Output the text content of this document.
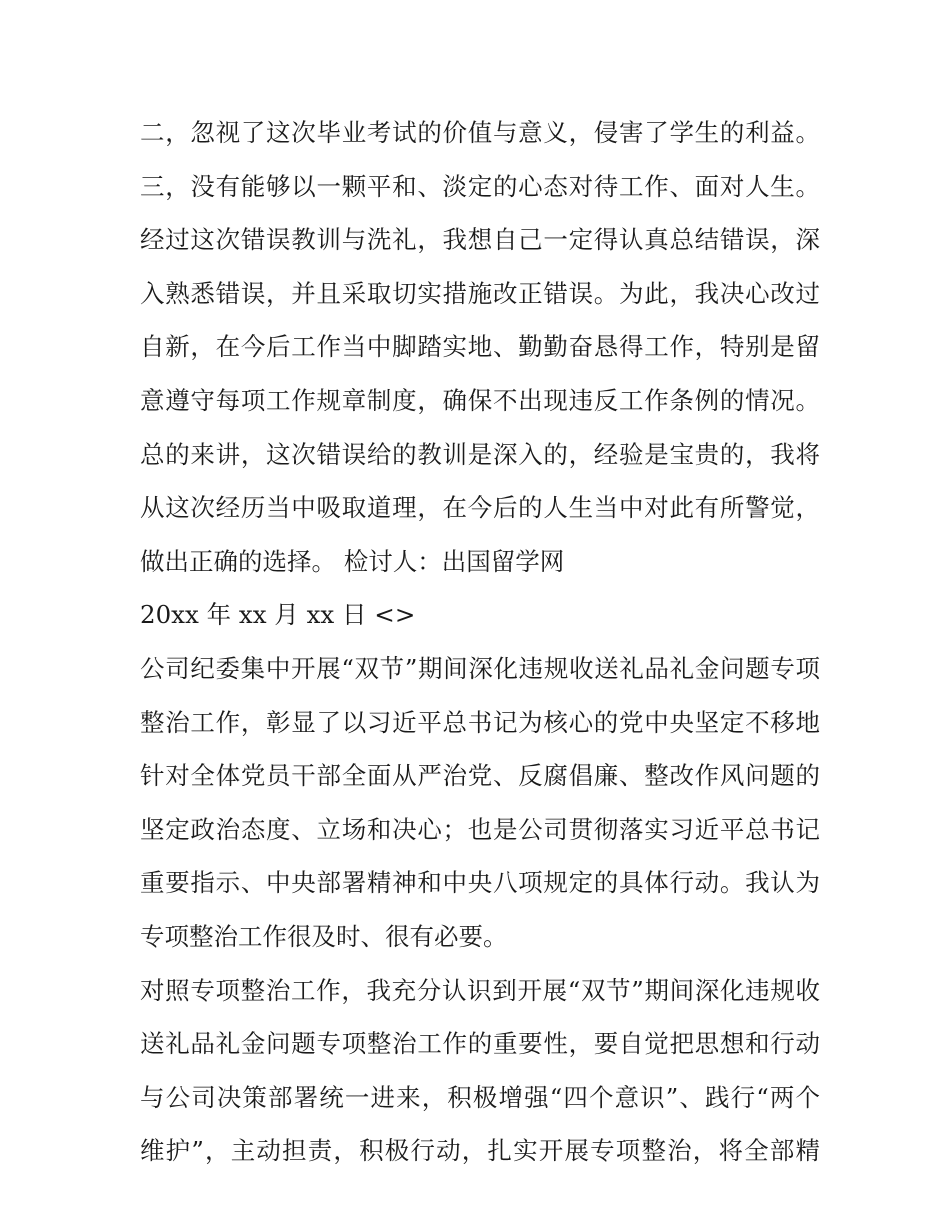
二，忽视了这次毕业考试的价值与意义，侵害了学生的利益。
三，没有能够以一颗平和、淡定的心态对待工作、面对人生。
经过这次错误教训与洗礼，我想自己一定得认真总结错误，深
入熟悉错误，并且采取切实措施改正错误。为此，我决心改过
自新，在今后工作当中脚踏实地、勤勤奋恳得工作，特别是留
意遵守每项工作规章制度，确保不出现违反工作条例的情况。
总的来讲，这次错误给的教训是深入的，经验是宝贵的，我将
从这次经历当中吸取道理，在今后的人生当中对此有所警觉，
做出正确的选择。 检讨人：出国留学网
20xx 年 xx 月 xx 日 <>
公司纪委集中开展“双节”期间深化违规收送礼品礼金问题专项
整治工作，彰显了以习近平总书记为核心的党中央坚定不移地
针对全体党员干部全面从严治党、反腐倡廉、整改作风问题的
坚定政治态度、立场和决心；也是公司贯彻落实习近平总书记
重要指示、中央部署精神和中央八项规定的具体行动。我认为
专项整治工作很及时、很有必要。
对照专项整治工作，我充分认识到开展“双节”期间深化违规收
送礼品礼金问题专项整治工作的重要性，要自觉把思想和行动
与公司决策部署统一进来，积极增强“四个意识”、践行“两个
维护”，主动担责，积极行动，扎实开展专项整治，将全部精
